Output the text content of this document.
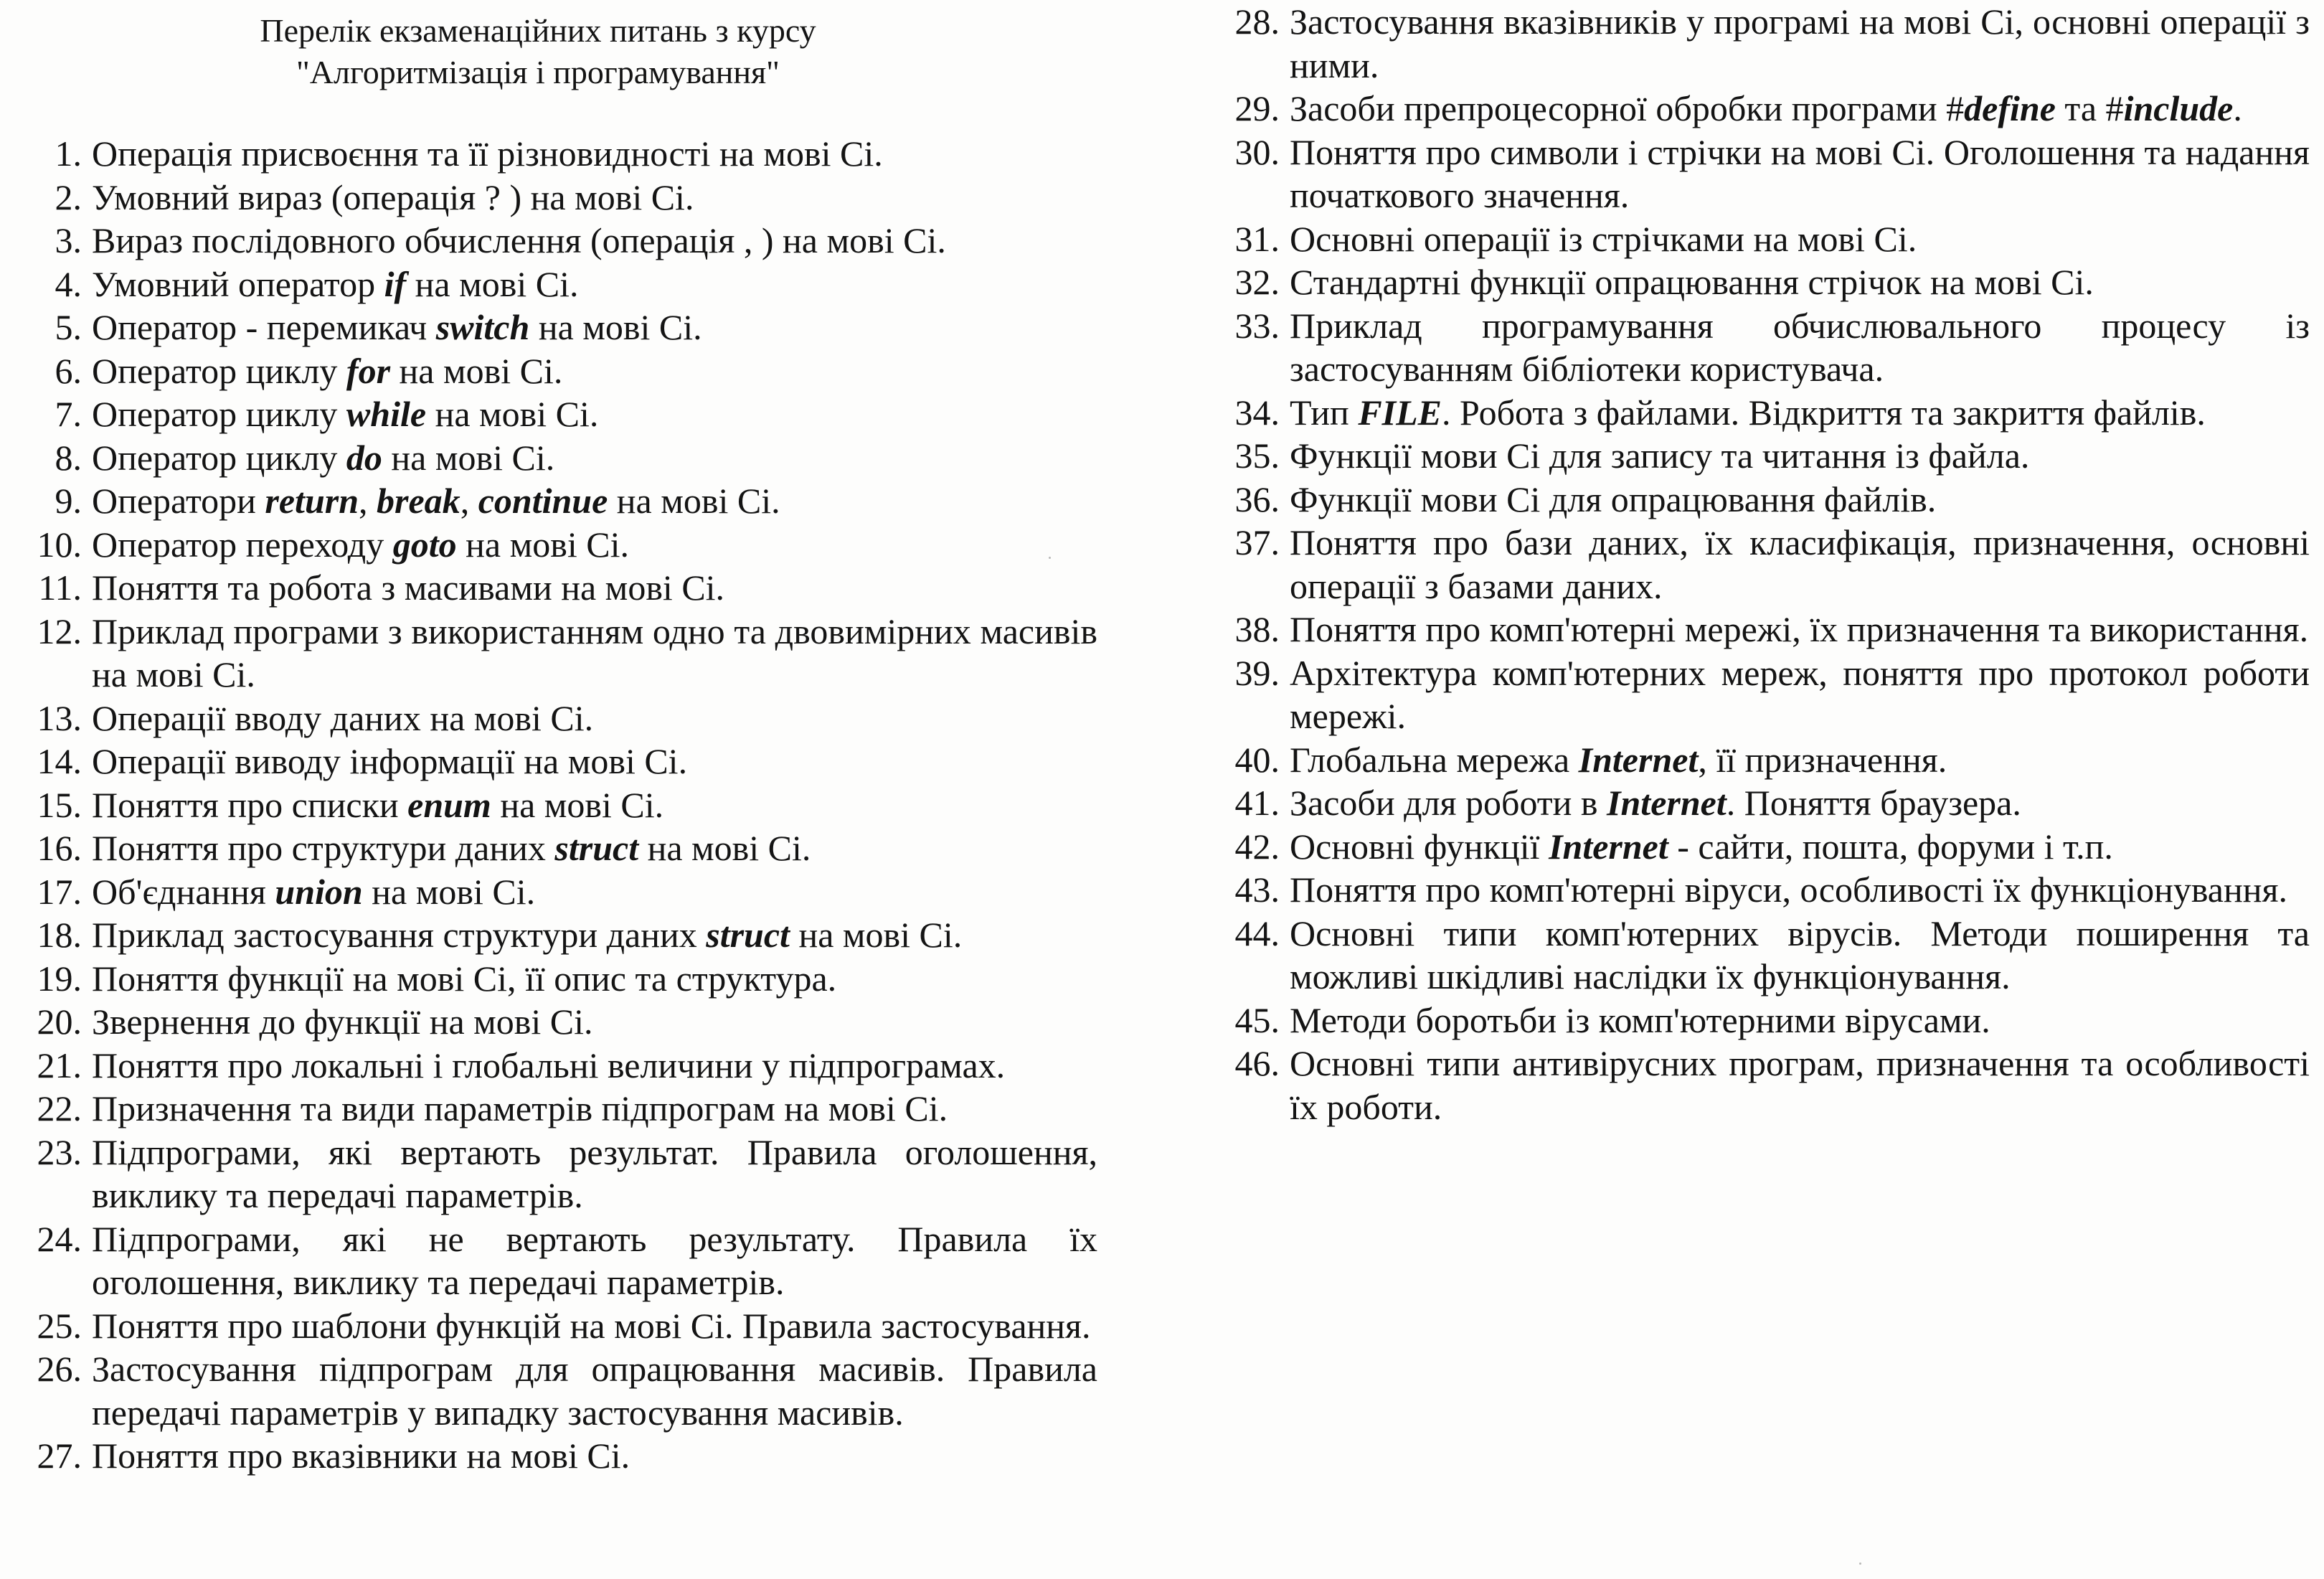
Перелік екзаменаційних питань з курсу
"Алгоритмізація і програмування"
1. Операція присвоєння та її різновидності на мові Сі.
2. Умовний вираз (операція ? ) на мові Сі.
3. Вираз послідовного обчислення (операція , ) на мові Сі.
4. Умовний оператор if на мові Сі.
5. Оператор - перемикач switch на мові Сі.
6. Оператор циклу for на мові Сі.
7. Оператор циклу while на мові Сі.
8. Оператор циклу do на мові Сі.
9. Оператори return, break, continue на мові Сі.
10. Оператор переходу goto на мові Сі.
11. Поняття та робота з масивами на мові Сі.
12. Приклад програми з використанням одно та двовимірних масивів на мові Сі.
13. Операції вводу даних на мові Сі.
14. Операції виводу інформації на мові Сі.
15. Поняття про списки enum на мові Сі.
16. Поняття про структури даних struct на мові Сі.
17. Об'єднання union на мові Сі.
18. Приклад застосування структури даних struct на мові Сі.
19. Поняття функції на мові Сі, її опис та структура.
20. Звернення до функції на мові Сі.
21. Поняття про локальні і глобальні величини у підпрограмах.
22. Призначення та види параметрів підпрограм на мові Сі.
23. Підпрограми, які вертають результат. Правила оголошення, виклику та передачі параметрів.
24. Підпрограми, які не вертають результату. Правила їх оголошення, виклику та передачі параметрів.
25. Поняття про шаблони функцій на мові Сі. Правила застосування.
26. Застосування підпрограм для опрацювання масивів. Правила передачі параметрів у випадку застосування масивів.
27. Поняття про вказівники на мові Сі.
28. Застосування вказівників у програмі на мові Сі, основні операції з ними.
29. Засоби препроцесорної обробки програми #define та #include.
30. Поняття про символи і стрічки на мові Сі. Оголошення та надання початкового значення.
31. Основні операції із стрічками на мові Сі.
32. Стандартні функції опрацювання стрічок на мові Сі.
33. Приклад програмування обчислювального процесу із застосуванням бібліотеки користувача.
34. Тип FILE. Робота з файлами. Відкриття та закриття файлів.
35. Функції мови Сі для запису та читання із файла.
36. Функції мови Сі для опрацювання файлів.
37. Поняття про бази даних, їх класифікація, призначення, основні операції з базами даних.
38. Поняття про комп'ютерні мережі, їх призначення та використання.
39. Архітектура комп'ютерних мереж, поняття про протокол роботи мережі.
40. Глобальна мережа Internet, її призначення.
41. Засоби для роботи в Internet. Поняття браузера.
42. Основні функції Internet - сайти, пошта, форуми і т.п.
43. Поняття про комп'ютерні віруси, особливості їх функціонування.
44. Основні типи комп'ютерних вірусів. Методи поширення та можливі шкідливі наслідки їх функціонування.
45. Методи боротьби із комп'ютерними вірусами.
46. Основні типи антивірусних програм, призначення та особливості їх роботи.
